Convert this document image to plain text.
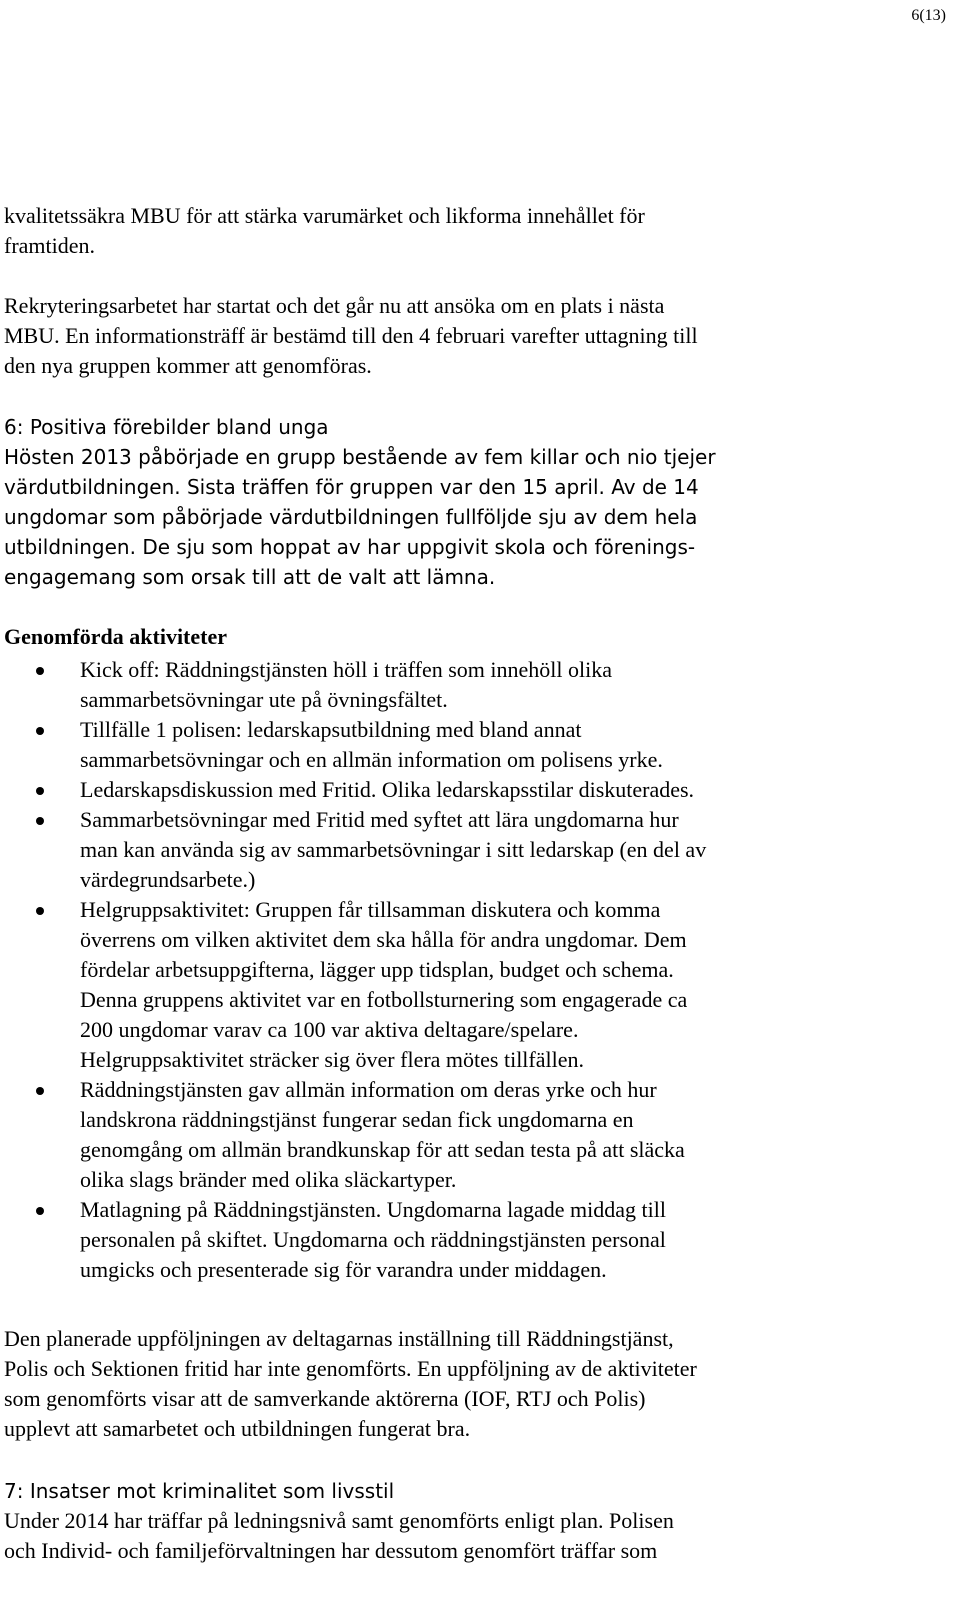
6(13)
kvalitetssäkra MBU för att stärka varumärket och likforma innehållet för
framtiden.
Rekryteringsarbetet har startat och det går nu att ansöka om en plats i nästa
MBU. En informationsträff är bestämd till den 4 februari varefter uttagning till
den nya gruppen kommer att genomföras.
6: Positiva förebilder bland unga
Hösten 2013 påbörjade en grupp bestående av fem killar och nio tjejer
värdutbildningen. Sista träffen för gruppen var den 15 april. Av de 14
ungdomar som påbörjade värdutbildningen fullföljde sju av dem hela
utbildningen. De sju som hoppat av har uppgivit skola och förenings-
engagemang som orsak till att de valt att lämna.
Genomförda aktiviteter
Kick off: Räddningstjänsten höll i träffen som innehöll olika
sammarbetsövningar ute på övningsfältet.
Tillfälle 1 polisen: ledarskapsutbildning med bland annat
sammarbetsövningar och en allmän information om polisens yrke.
Ledarskapsdiskussion med Fritid. Olika ledarskapsstilar diskuterades.
Sammarbetsövningar med Fritid med syftet att lära ungdomarna hur
man kan använda sig av sammarbetsövningar i sitt ledarskap (en del av
värdegrundsarbete.)
Helgruppsaktivitet: Gruppen får tillsamman diskutera och komma
överrens om vilken aktivitet dem ska hålla för andra ungdomar. Dem
fördelar arbetsuppgifterna, lägger upp tidsplan, budget och schema.
Denna gruppens aktivitet var en fotbollsturnering som engagerade ca
200 ungdomar varav ca 100 var aktiva deltagare/spelare.
Helgruppsaktivitet sträcker sig över flera mötes tillfällen.
Räddningstjänsten gav allmän information om deras yrke och hur
landskrona räddningstjänst fungerar sedan fick ungdomarna en
genomgång om allmän brandkunskap för att sedan testa på att släcka
olika slags bränder med olika släckartyper.
Matlagning på Räddningstjänsten. Ungdomarna lagade middag till
personalen på skiftet. Ungdomarna och räddningstjänsten personal
umgicks och presenterade sig för varandra under middagen.
Den planerade uppföljningen av deltagarnas inställning till Räddningstjänst,
Polis och Sektionen fritid har inte genomförts. En uppföljning av de aktiviteter
som genomförts visar att de samverkande aktörerna (IOF, RTJ och Polis)
upplevt att samarbetet och utbildningen fungerat bra.
7: Insatser mot kriminalitet som livsstil
Under 2014 har träffar på ledningsnivå samt genomförts enligt plan. Polisen
och Individ- och familjeförvaltningen har dessutom genomfört träffar som
